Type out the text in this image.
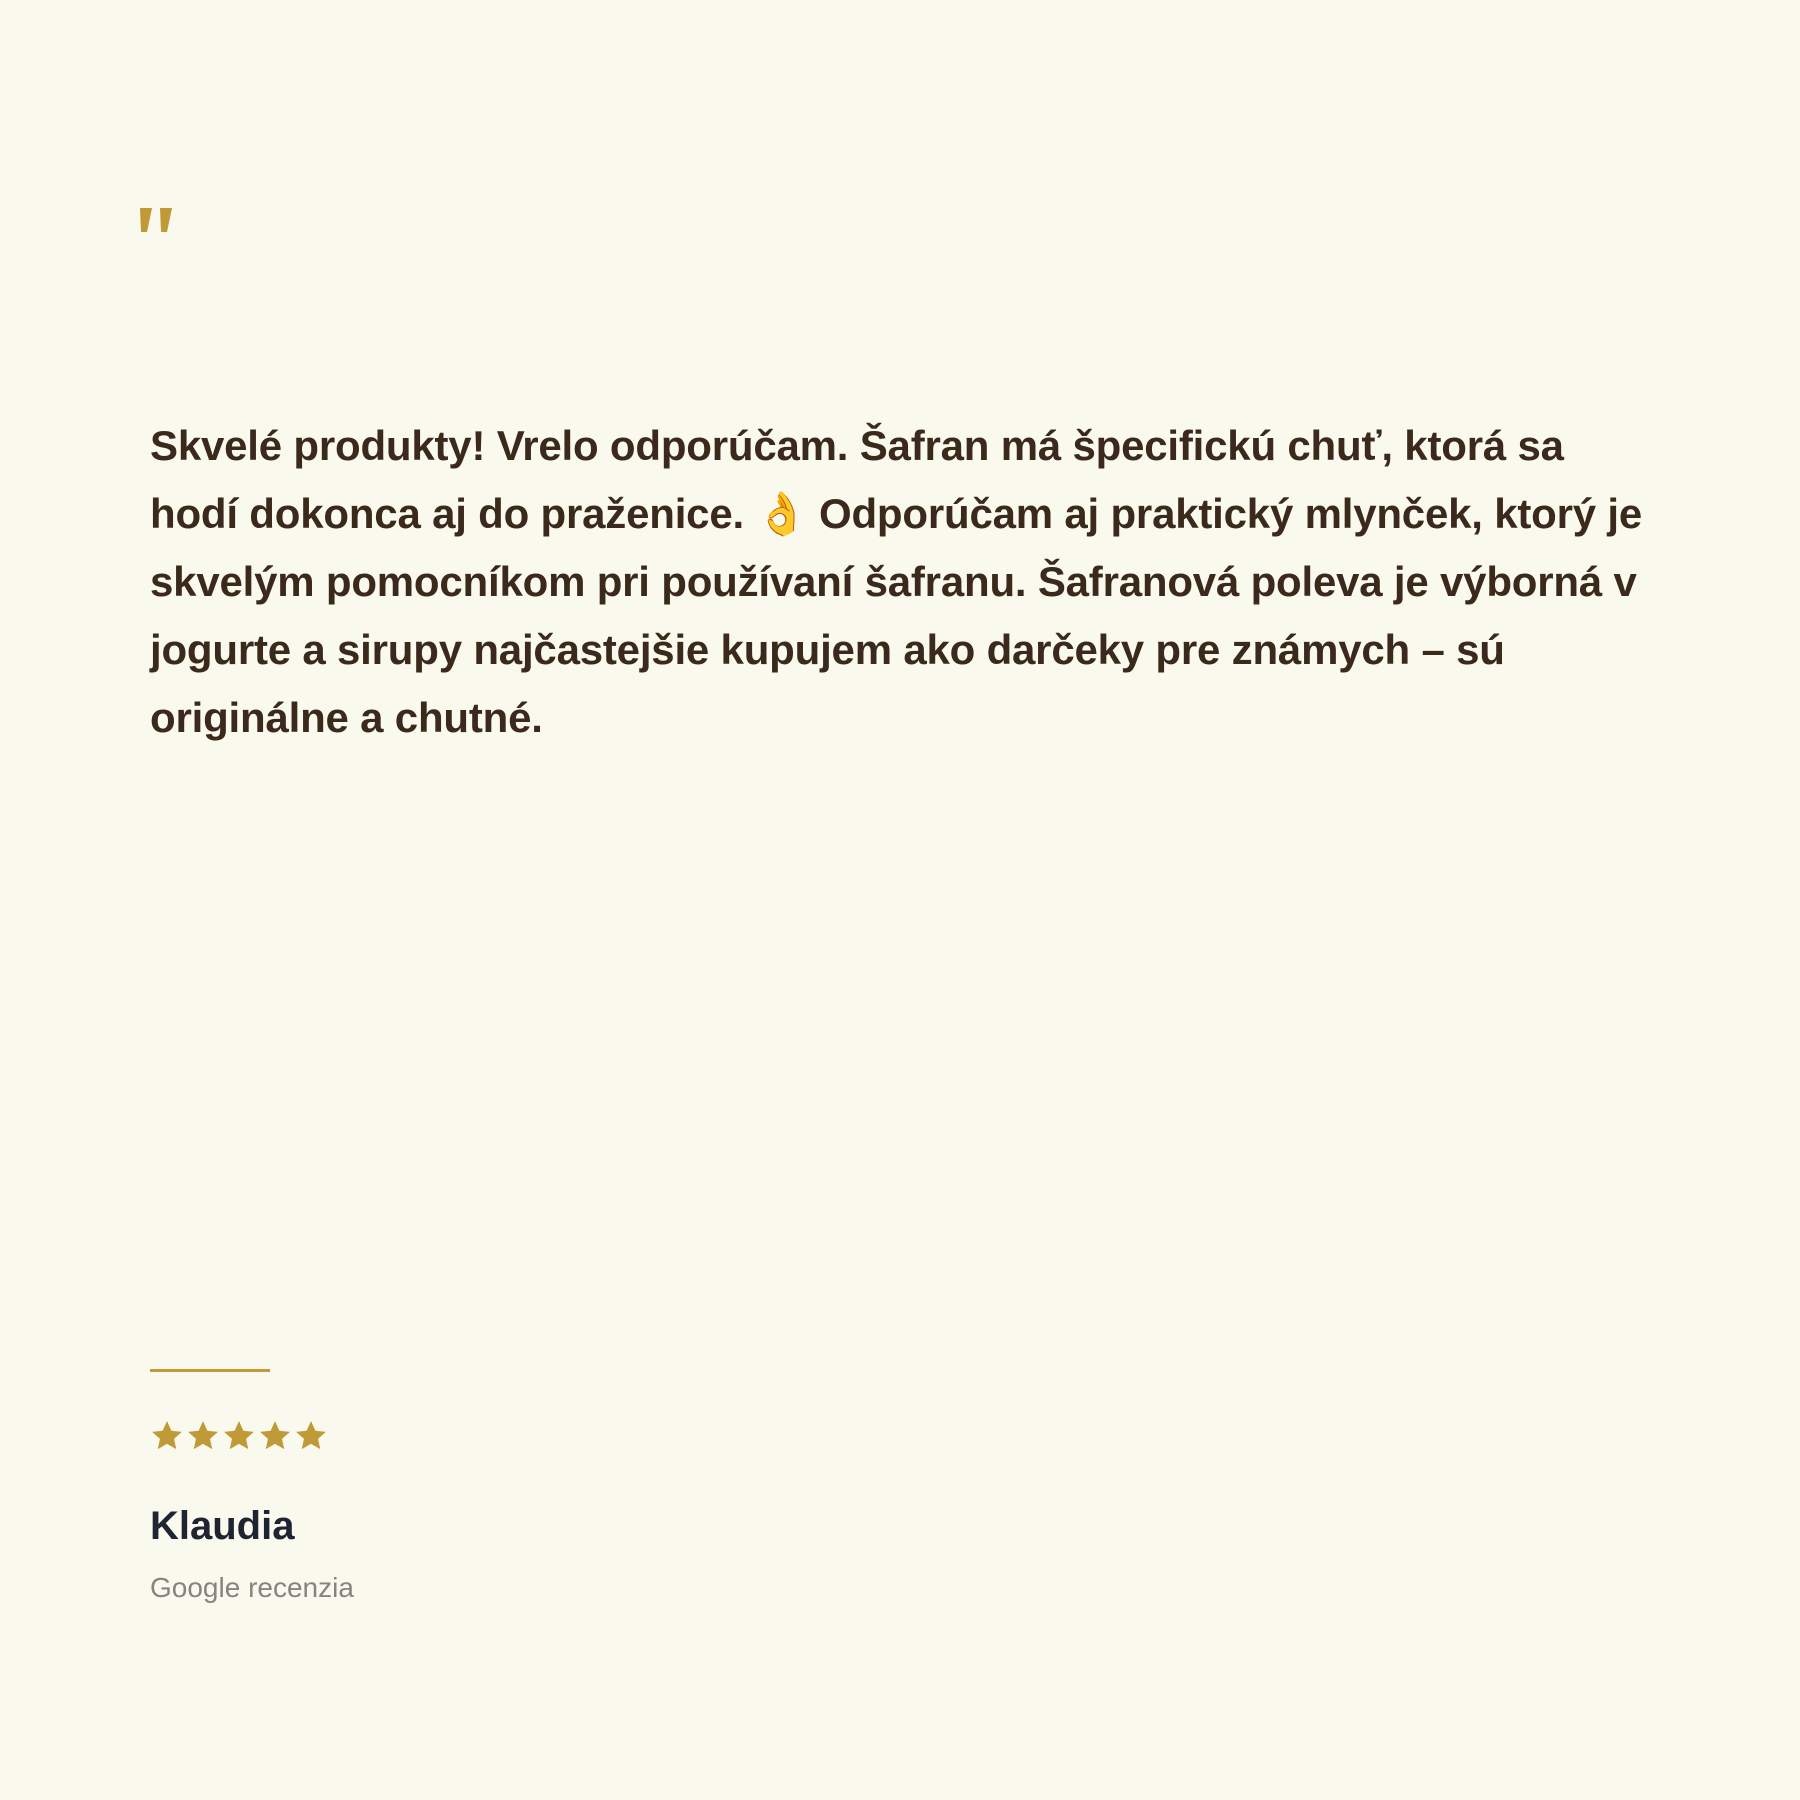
Skvelé produkty! Vrelo odporúčam. Šafran má špecifickú chuť, ktorá sa hodí dokonca aj do praženice. 👌 Odporúčam aj praktický mlynček, ktorý je skvelým pomocníkom pri používaní šafranu. Šafranová poleva je výborná v jogurte a sirupy najčastejšie kupujem ako darčeky pre známych – sú originálne a chutné.

Klaudia

Google recenzia
